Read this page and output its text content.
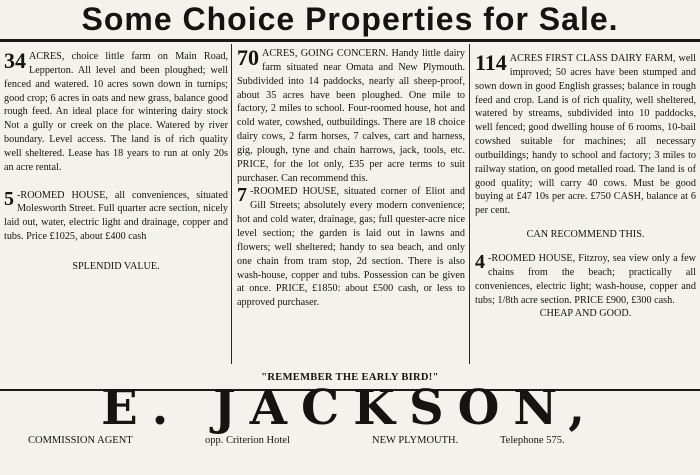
Some Choice Properties for Sale.

34 ACRES, choice little farm on Main Road, Lepperton. All level and been ploughed; well fenced and watered. 10 acres sown down in turnips; good crop; 6 acres in oats and new grass, balance good rough feed. An ideal place for wintering dairy stock Not a gully or creek on the place. Watered by river boundary. Level access. The land is of rich quality well sheltered. Lease has 18 years to run at only 20s an acre rental.

5 -ROOMED HOUSE, all conveniences, situated Molesworth Street. Full quarter acre section, nicely laid out, water, electric light and drainage, copper and tubs. Price £1025, about £400 cash

SPLENDID VALUE.

70 ACRES, GOING CONCERN. Handy little dairy farm situated near Omata and New Plymouth. Subdivided into 14 paddocks, nearly all sheep-proof, about 35 acres have been ploughed. One mile to factory, 2 miles to school. Four-roomed house, hot and cold water, cowshed, outbuildings. There are 18 choice dairy cows, 2 farm horses, 7 calves, cart and harness, gig, plough, tyne and chain harrows, jack, tools, etc. PRICE, for the lot only, £35 per acre terms to suit purchaser. Can recommend this.

7 -ROOMED HOUSE, situated corner of Eliot and Gill Streets; absolutely every modern convenience; hot and cold water, drainage, gas; full quester-acre nice level section; the garden is laid out in lawns and flowers; well sheltered; handy to sea beach, and only one chain from tram stop, 2d section. There is also wash-house, copper and tubs. Possession can be given at once. PRICE, £1850: about £500 cash, or less to approved purchaser.

114 ACRES FIRST CLASS DAIRY FARM, well improved; 50 acres have been stumped and sown down in good English grasses; balance in rough feed and crop. Land is of rich quality, well sheltered, watered by streams, subdivided into 10 paddocks, well fenced; good dwelling house of 6 rooms, 10-bail cowshed suitable for machines; all necessary outbuildings; handy to school and factory; 3 miles to railway station, on good metalled road. The land is of good quality; will carry 40 cows. Must be good buying at £47 10s per acre. £750 CASH, balance at 6 per cent.

CAN RECOMMEND THIS.

4 -ROOMED HOUSE, Fitzroy, sea view only a few chains from the beach; practically all conveniences, electric light; wash-house, copper and tubs; 1/8th acre section. PRICE £900, £300 cash.

CHEAP AND GOOD.

"REMEMBER THE EARLY BIRD!"
E. JACKSON,
COMMISSION AGENT	opp. Criterion Hotel	NEW PLYMOUTH.	Telephone 575.
